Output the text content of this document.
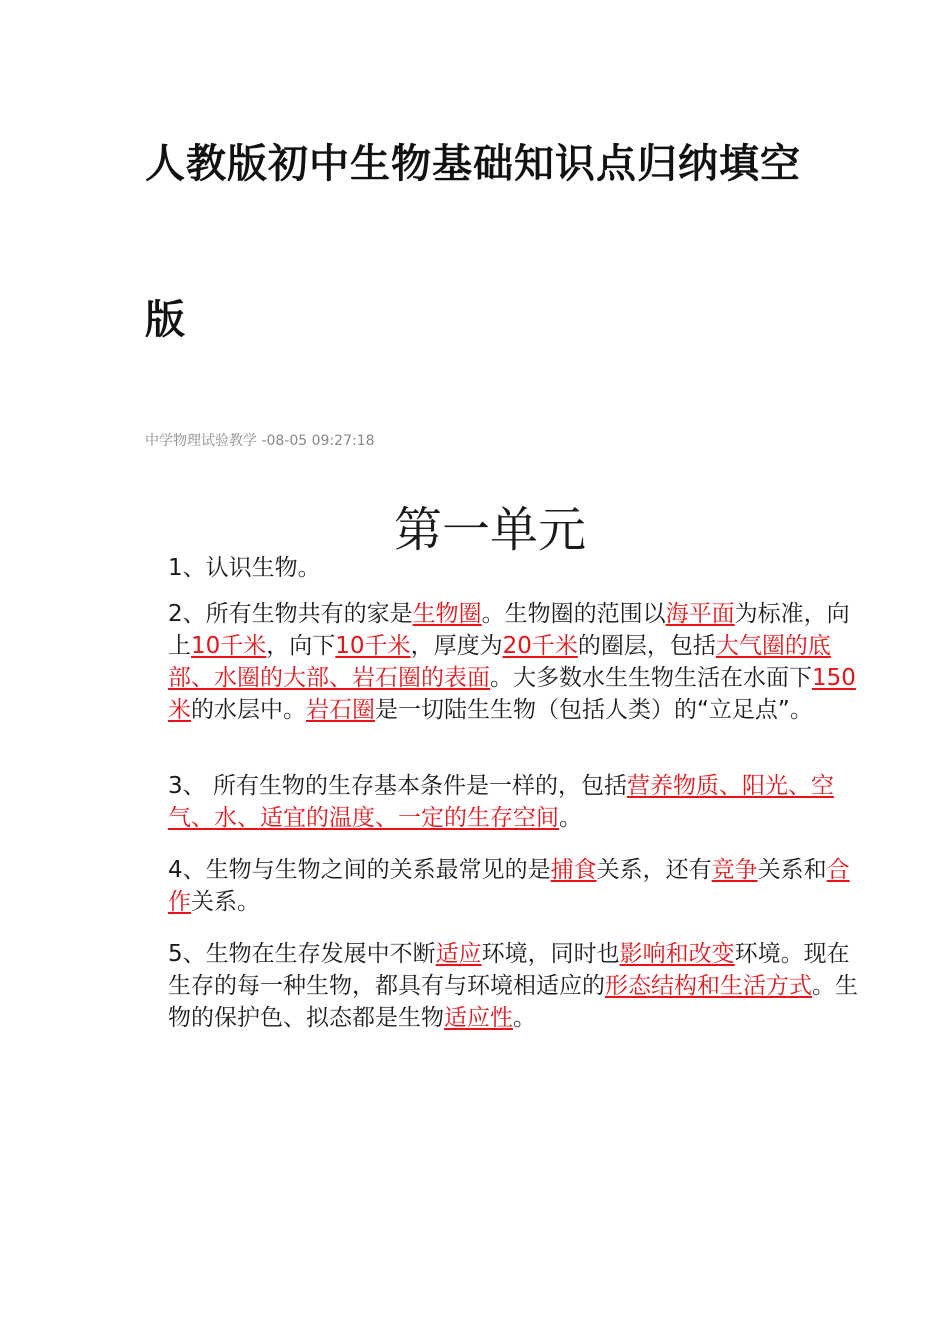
人教版初中生物基础知识点归纳填空
版
中学物理试验教学 -08-05 09:27:18
第一单元
1、认识生物。
2、所有生物共有的家是生物圈。生物圈的范围以海平面为标准，向上10千米，向下10千米，厚度为20千米的圈层，包括大气圈的底部、水圈的大部、岩石圈的表面。大多数水生生物生活在水面下150米的水层中。岩石圈是一切陆生生物（包括人类）的“立足点”。
3、 所有生物的生存基本条件是一样的，包括营养物质、阳光、空气、水、适宜的温度、一定的生存空间。
4、生物与生物之间的关系最常见的是捕食关系，还有竞争关系和合作关系。
5、生物在生存发展中不断适应环境，同时也影响和改变环境。现在生存的每一种生物，都具有与环境相适应的形态结构和生活方式。生物的保护色、拟态都是生物适应性。
